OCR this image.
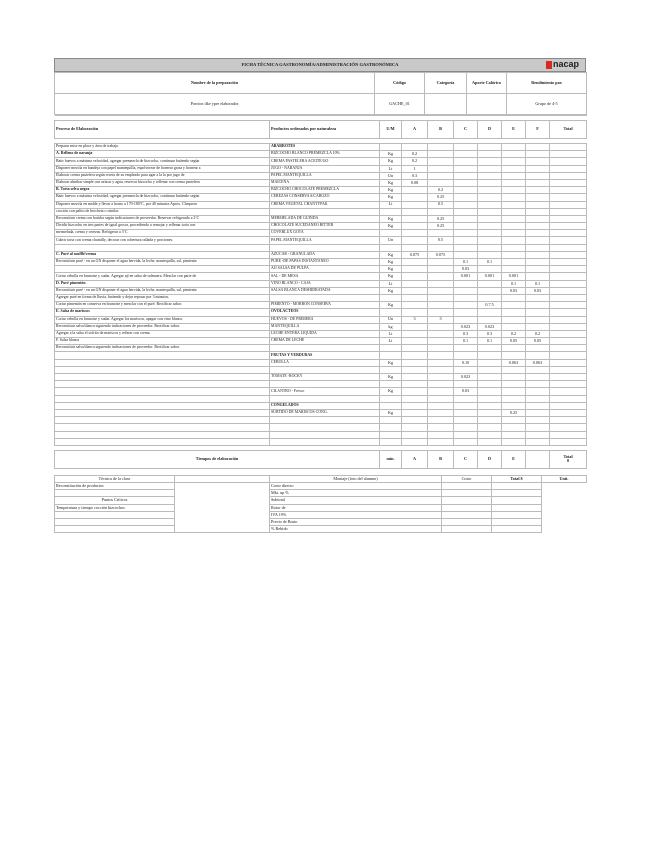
FICHA TÉCNICA GASTRONOMÍA/ADMINISTRACIÓN GASTRONÓMICA	nacap
Nombre de la preparación	Código	Categoría	Aporte Calórico	Rendimiento pax
Porotos ilke ypre elaborados	GACHE_01			Grupo de 4-5

Proceso de Elaboración	Productos ordenados por naturaleza	U/M	A	B	C	D	E	F	Total

Preparar mise en place y área de trabajo.	ABARROTES								
A. Relleno de naranja	BIZCOCHO BLANCO PREMEZCLA 10%	Kg	0.2						
Batir huevos a máxima velocidad, agregar premezcla de bizcocho, continuar batiendo según	CREMA PASTELERA ACEITE/GO	Kg	0.2						
Disponer mezcla en bandeja con papel mantequilla, espolvorear de hornear grasa y hornear a	JUGO - NARANJA	Lt	1						
Elaborar crema pastelera según receta de su empleado para agar a la la por jugo de	PAPEL MANTEQUILLA	Un	0.3						
Elaborar almibar simple con azúcar y agua, reservar bizcocho y rellenar con crema pastelera	MAICENA	Kg	0.08						
B. Torta selva negra	BIZCOCHO CHOCOLATE PREMEZCLA	Kg		0.2					
Batir huevos a máxima velocidad, agregar premezcla de bizcocho, continuar batiendo según	CEREZAS CONSERVA S/CAROZO	Kg		0.25					
Disponer mezcla en molde y llevar a horno a 170-180°C, por 40 minutos Aprox. Chequear	CREMA VEGETAL CHANTYPAK	Lt		0.5					
cocción con palito de brocheta o similar.									
Reconstituir crema con batidor según indicaciones de proveedor. Reservar refrigerado a 3ºC	MERMELADA DE GUINDA	Kg		0.25					
Dividir bizcocho en tres partes de igual grosor, procediendo a remojar y rellenar torta con	CHOCOLATE SUCEDANEO BITTER	Kg		0.25					
mermelada, crema y cerezas. Refrigerar a 3ºC	COVERLUX GOTA								
Cubrir torta con crema chantilly, decorar con cobertura rallada y porciones.	PAPEL MANTEQUILLA	Un		0.5					

C. Puré al soufflé/crema	AZUCAR - GRANULADA	Kg	0.075	0.075					
Reconstituir puré - en un GN disponer el agua hervida, la leche, mantequilla, sal, pimienta	PURE -DE PAPAS INSTANTANEO	Kg			0.1	0.1			
	AJI SALSA DE PULPA	Kg			0.03				
Cortar cebolla en brunoise y sudar. Agregar ají en salsa de salmuera. Mezclar con parte de	SAL - DE MESA	Kg			0.001	0.001	0.001		
D. Puré pimentón	VINO BLANCO - CAJA	Lt					0.1	0.1	
Reconstituir puré - en un GN disponer el agua hervida, la leche, mantequilla, sal, pimienta	SALSA BLANCA DESHIDRATADA	Kg					0.03	0.03	
Agregar puré en forma de lluvia, batiendo y dejar reposar por 3 minutos.									
Cortar pimentón en conserva en brunoise y mezclar con el puré. Rectificar sabor.	PIMIENTO - MORRON CONSERVA	Kg				0.7.5			
E. Salsa de mariscos	OVOLACTEOS								
Cortar cebolla en brunoise y sudar. Agregar los mariscos, apagar con vino blanco.	HUEVOS - DE PRIMERA	Un	3	3					
Reconstituir salsa blanca siguiendo indicaciones de proveedor. Rectificar sabor.	MANTEQUILLA	kg			0.023	0.023			
Agregar a la salsa el sofrito de mariscos y refinar con crema.	LECHE ENTERA LIQUIDA	Lt			0.3	0.3	0.2	0.2	
F. Salsa blanca	CREMA DE LECHE	Lt			0.1	0.1	0.05	0.05	
Reconstituir salsa blanca siguiendo indicaciones de proveedor. Rectificar sabor.									
	FRUTAS Y VERDURAS								
	CEBOLLA	Kg			0.10		0.063	0.063	

	TOMATE -ROCKY	Kg			0.023				

	CILANTRO - Fresco	Kg			0.03				

	CONGELADOS								
	SURTIDO DE MARISCOS CONG.	Kg					0.25		

Tiempos de elaboración		min.	A	B	C	D	E		Total
0
Técnica de la clase		Montaje (foto del alumno)	Costo	Total $	Unit.
Reconstitución de productos		Costo directo			
		Mkt. up %			
Puntos Críticos		Subtotal			
Temperatura y tiempo cocción bizcochos		Rotor de			
		IVA 19%			
		Precio de Bruto			
		% Rebido			
